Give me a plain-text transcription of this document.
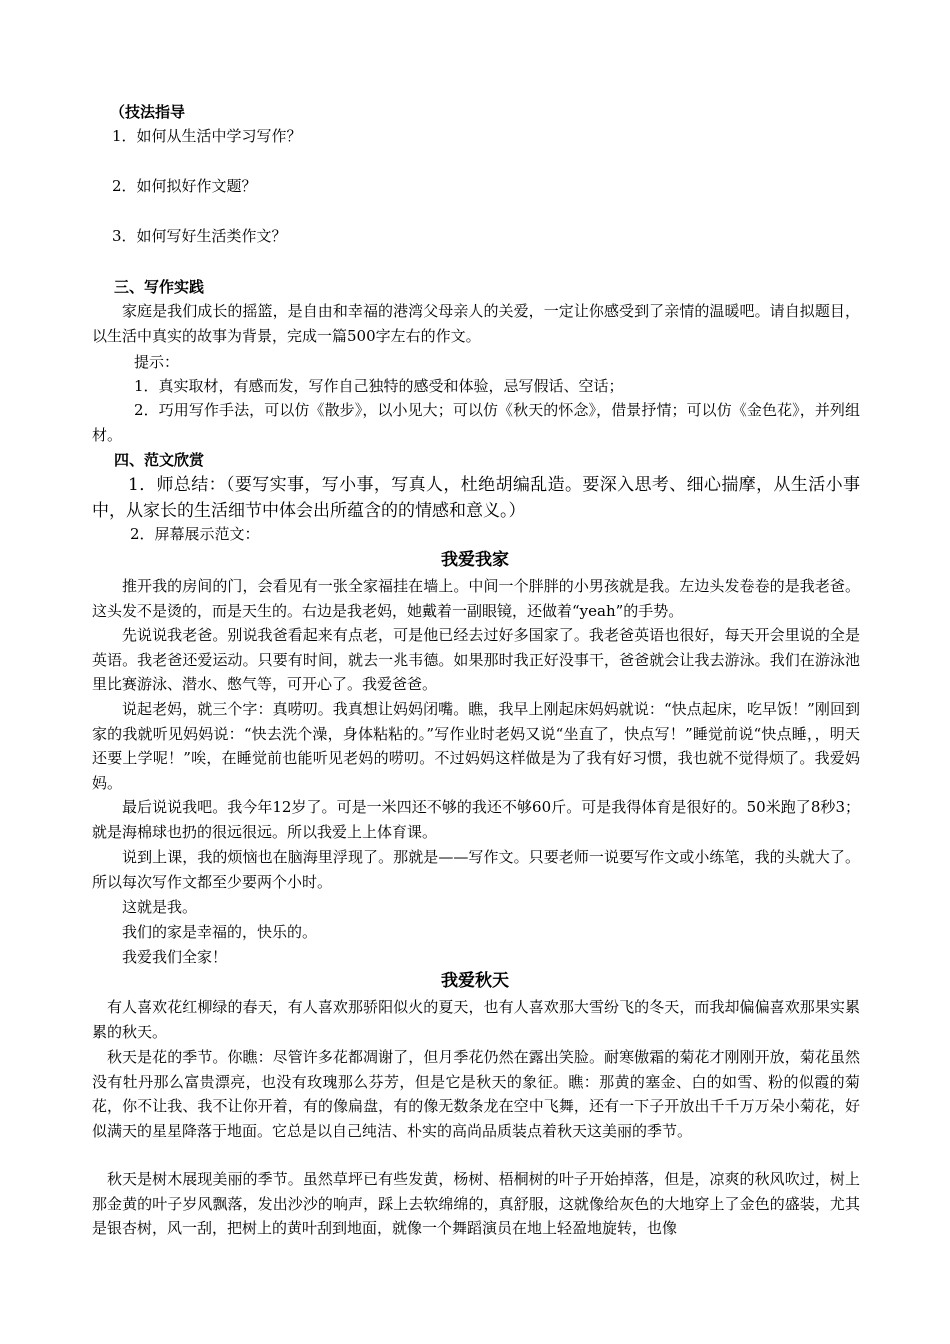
（技法指导
1．如何从生活中学习写作？
2．如何拟好作文题？
3．如何写好生活类作文？
三、写作实践
家庭是我们成长的摇篮，是自由和幸福的港湾父母亲人的关爱，一定让你感受到了亲情的温暖吧。请自拟题目，以生活中真实的故事为背景，完成一篇500字左右的作文。
提示：
1．真实取材，有感而发，写作自己独特的感受和体验，忌写假话、空话；
2．巧用写作手法，可以仿《散步》，以小见大；可以仿《秋天的怀念》，借景抒情；可以仿《金色花》，并列组材。
四、范文欣赏
1．师总结：（要写实事，写小事，写真人，杜绝胡编乱造。要深入思考、细心揣摩，从生活小事中，从家长的生活细节中体会出所蕴含的的情感和意义。）
2．屏幕展示范文：
我爱我家
推开我的房间的门，会看见有一张全家福挂在墙上。中间一个胖胖的小男孩就是我。左边头发卷卷的是我老爸。这头发不是烫的，而是天生的。右边是我老妈，她戴着一副眼镜，还做着“yeah”的手势。
先说说我老爸。别说我爸看起来有点老，可是他已经去过好多国家了。我老爸英语也很好，每天开会里说的全是英语。我老爸还爱运动。只要有时间，就去一兆韦德。如果那时我正好没事干，爸爸就会让我去游泳。我们在游泳池里比赛游泳、潜水、憋气等，可开心了。我爱爸爸。
说起老妈，就三个字：真唠叨。我真想让妈妈闭嘴。瞧，我早上刚起床妈妈就说：“快点起床，吃早饭！”刚回到家的我就听见妈妈说：“快去洗个澡，身体粘粘的。”写作业时老妈又说“坐直了，快点写！”睡觉前说“快点睡，，明天还要上学呢！”唉，在睡觉前也能听见老妈的唠叨。不过妈妈这样做是为了我有好习惯，我也就不觉得烦了。我爱妈妈。
最后说说我吧。我今年12岁了。可是一米四还不够的我还不够60斤。可是我得体育是很好的。50米跑了8秒3；就是海棉球也扔的很远很远。所以我爱上上体育课。
说到上课，我的烦恼也在脑海里浮现了。那就是——写作文。只要老师一说要写作文或小练笔，我的头就大了。所以每次写作文都至少要两个小时。
这就是我。
我们的家是幸福的，快乐的。
我爱我们全家！
我爱秋天
有人喜欢花红柳绿的春天，有人喜欢那骄阳似火的夏天，也有人喜欢那大雪纷飞的冬天，而我却偏偏喜欢那果实累累的秋天。
秋天是花的季节。你瞧：尽管许多花都凋谢了，但月季花仍然在露出笑脸。耐寒傲霜的菊花才刚刚开放，菊花虽然没有牡丹那么富贵漂亮，也没有玫瑰那么芬芳，但是它是秋天的象征。瞧：那黄的塞金、白的如雪、粉的似霞的菊花，你不让我、我不让你开着，有的像扁盘，有的像无数条龙在空中飞舞，还有一下子开放出千千万万朵小菊花，好似满天的星星降落于地面。它总是以自己纯洁、朴实的高尚品质装点着秋天这美丽的季节。
秋天是树木展现美丽的季节。虽然草坪已有些发黄，杨树、梧桐树的叶子开始掉落，但是，凉爽的秋风吹过，树上那金黄的叶子岁风飘落，发出沙沙的响声，踩上去软绵绵的，真舒服，这就像给灰色的大地穿上了金色的盛装，尤其是银杏树，风一刮，把树上的黄叶刮到地面，就像一个舞蹈演员在地上轻盈地旋转，也像
